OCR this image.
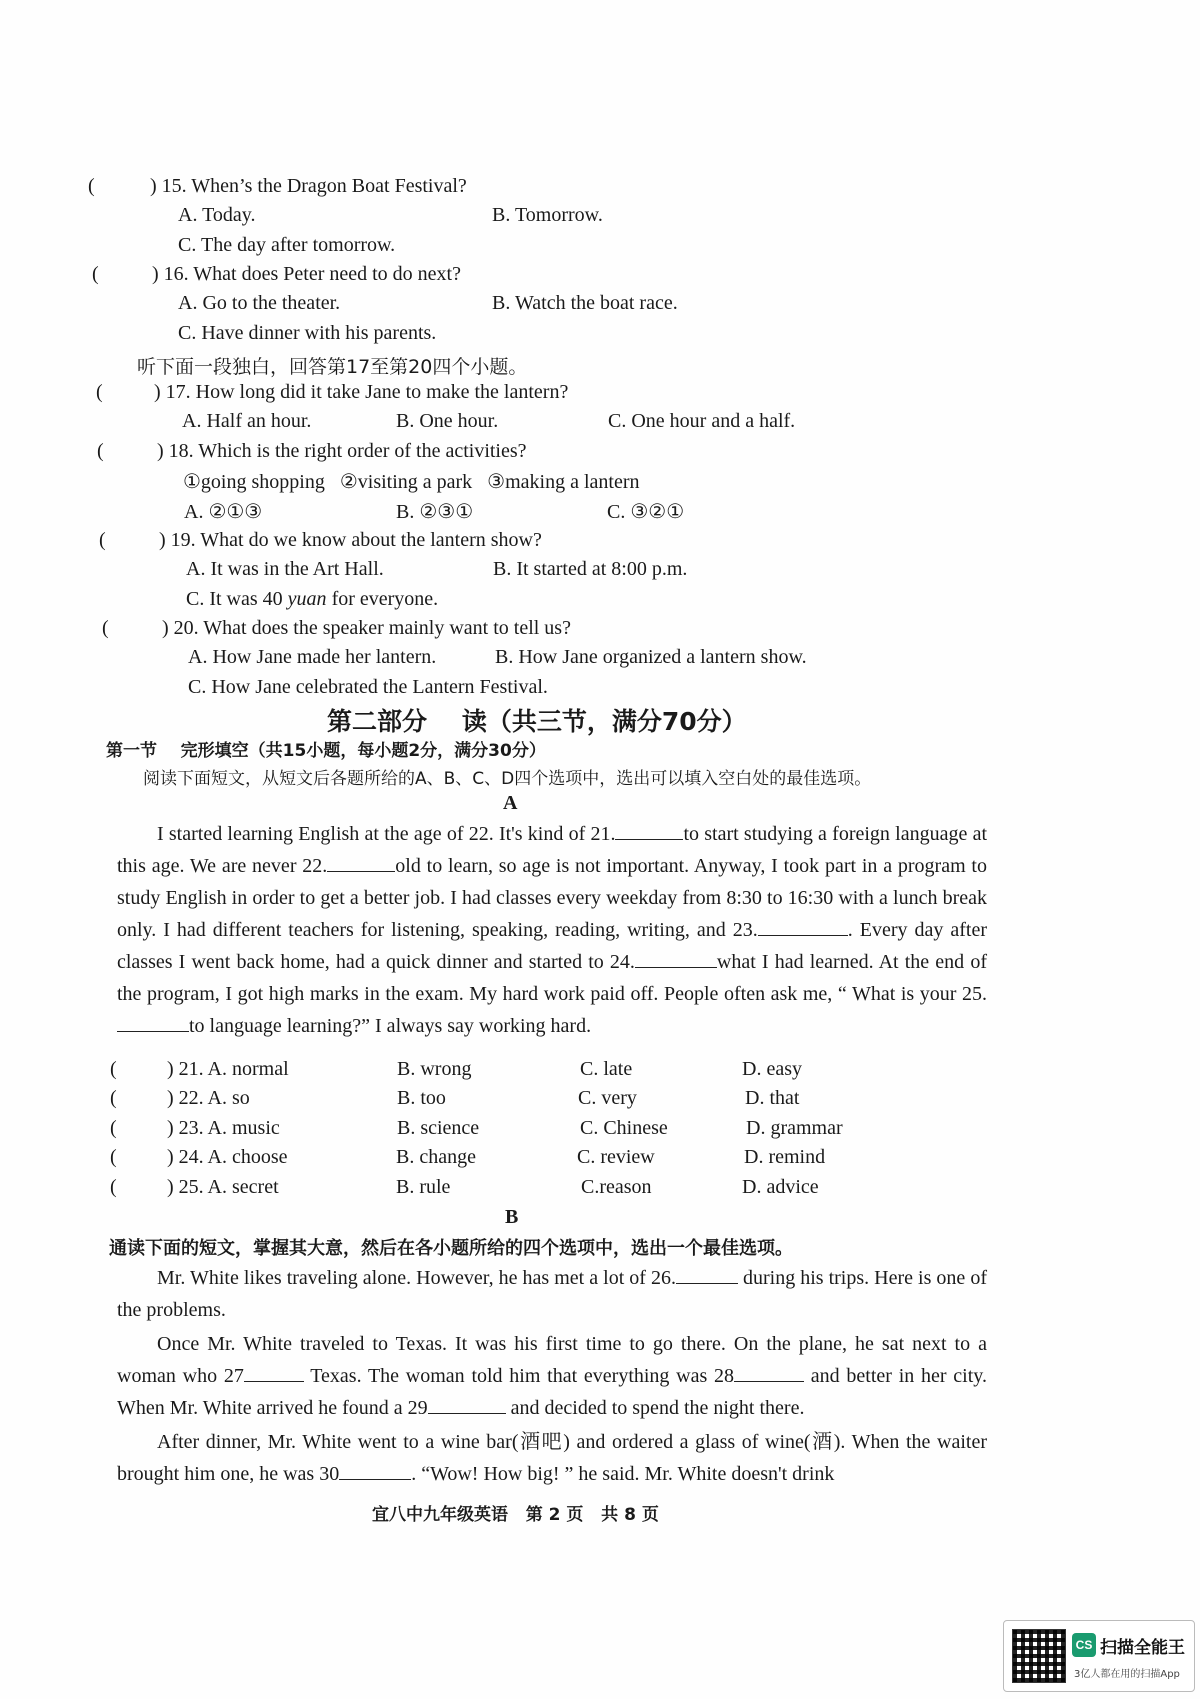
(	) 15. When’s the Dragon Boat Festival?
A. Today.	B. Tomorrow.
C. The day after tomorrow.
(	) 16. What does Peter need to do next?
A. Go to the theater.	B. Watch the boat race.
C. Have dinner with his parents.
听下面一段独白，回答第17至第20四个小题。
(	) 17. How long did it take Jane to make the lantern?
A. Half an hour.	B. One hour.	C. One hour and a half.
(	) 18. Which is the right order of the activities?
①going shopping   ②visiting a park   ③making a lantern
A. ②①③	B. ②③①	C. ③②①
(	) 19. What do we know about the lantern show?
A. It was in the Art Hall.	B. It started at 8:00 p.m.
C. It was 40 yuan for everyone.
(	) 20. What does the speaker mainly want to tell us?
A. How Jane made her lantern.	B. How Jane organized a lantern show.
C. How Jane celebrated the Lantern Festival.
第二部分    读（共三节，满分70分）
第一节    完形填空（共15小题，每小题2分，满分30分）
阅读下面短文，从短文后各题所给的A、B、C、D四个选项中，选出可以填入空白处的最佳选项。
A

I started learning English at the age of 22. It's kind of 21.	to start studying a foreign language at this age. We are never 22.	old to learn, so age is not important. Anyway, I took part in a program to study English in order to get a better job. I had classes every weekday from 8:30 to 16:30 with a lunch break only. I had different teachers for listening, speaking, reading, writing, and 23.	. Every day after classes I went back home, had a quick dinner and started to 24.	what I had learned. At the end of the program, I got high marks in the exam. My hard work paid off. People often ask me, “ What is your 25.to language learning?” I always say working hard.

(	) 21. A. normal	B. wrong	C. late	D. easy
(	) 22. A. so	B. too	C. very	D. that
(	) 23. A. music	B. science	C. Chinese	D. grammar
(	) 24. A. choose	B. change	C. review	D. remind
(	) 25. A. secret	B. rule	C.reason	D. advice
B
通读下面的短文，掌握其大意，然后在各小题所给的四个选项中，选出一个最佳选项。

Mr. White likes traveling alone. However, he has met a lot of 26.	during his trips. Here is one of the problems.

Once Mr. White traveled to Texas. It was his first time to go there. On the plane, he sat next to a woman who 27	Texas. The woman told him that everything was 28	and better in her city. When Mr. White arrived he found a 29	and decided to spend the night there.

After dinner, Mr. White went to a wine bar(酒吧) and ordered a glass of wine(酒). When the waiter brought him one, he was 30	. “Wow! How big! ” he said. Mr. White doesn't drink

宜八中九年级英语   第 2 页   共 8 页
CS 扫描全能王
3亿人都在用的扫描App
